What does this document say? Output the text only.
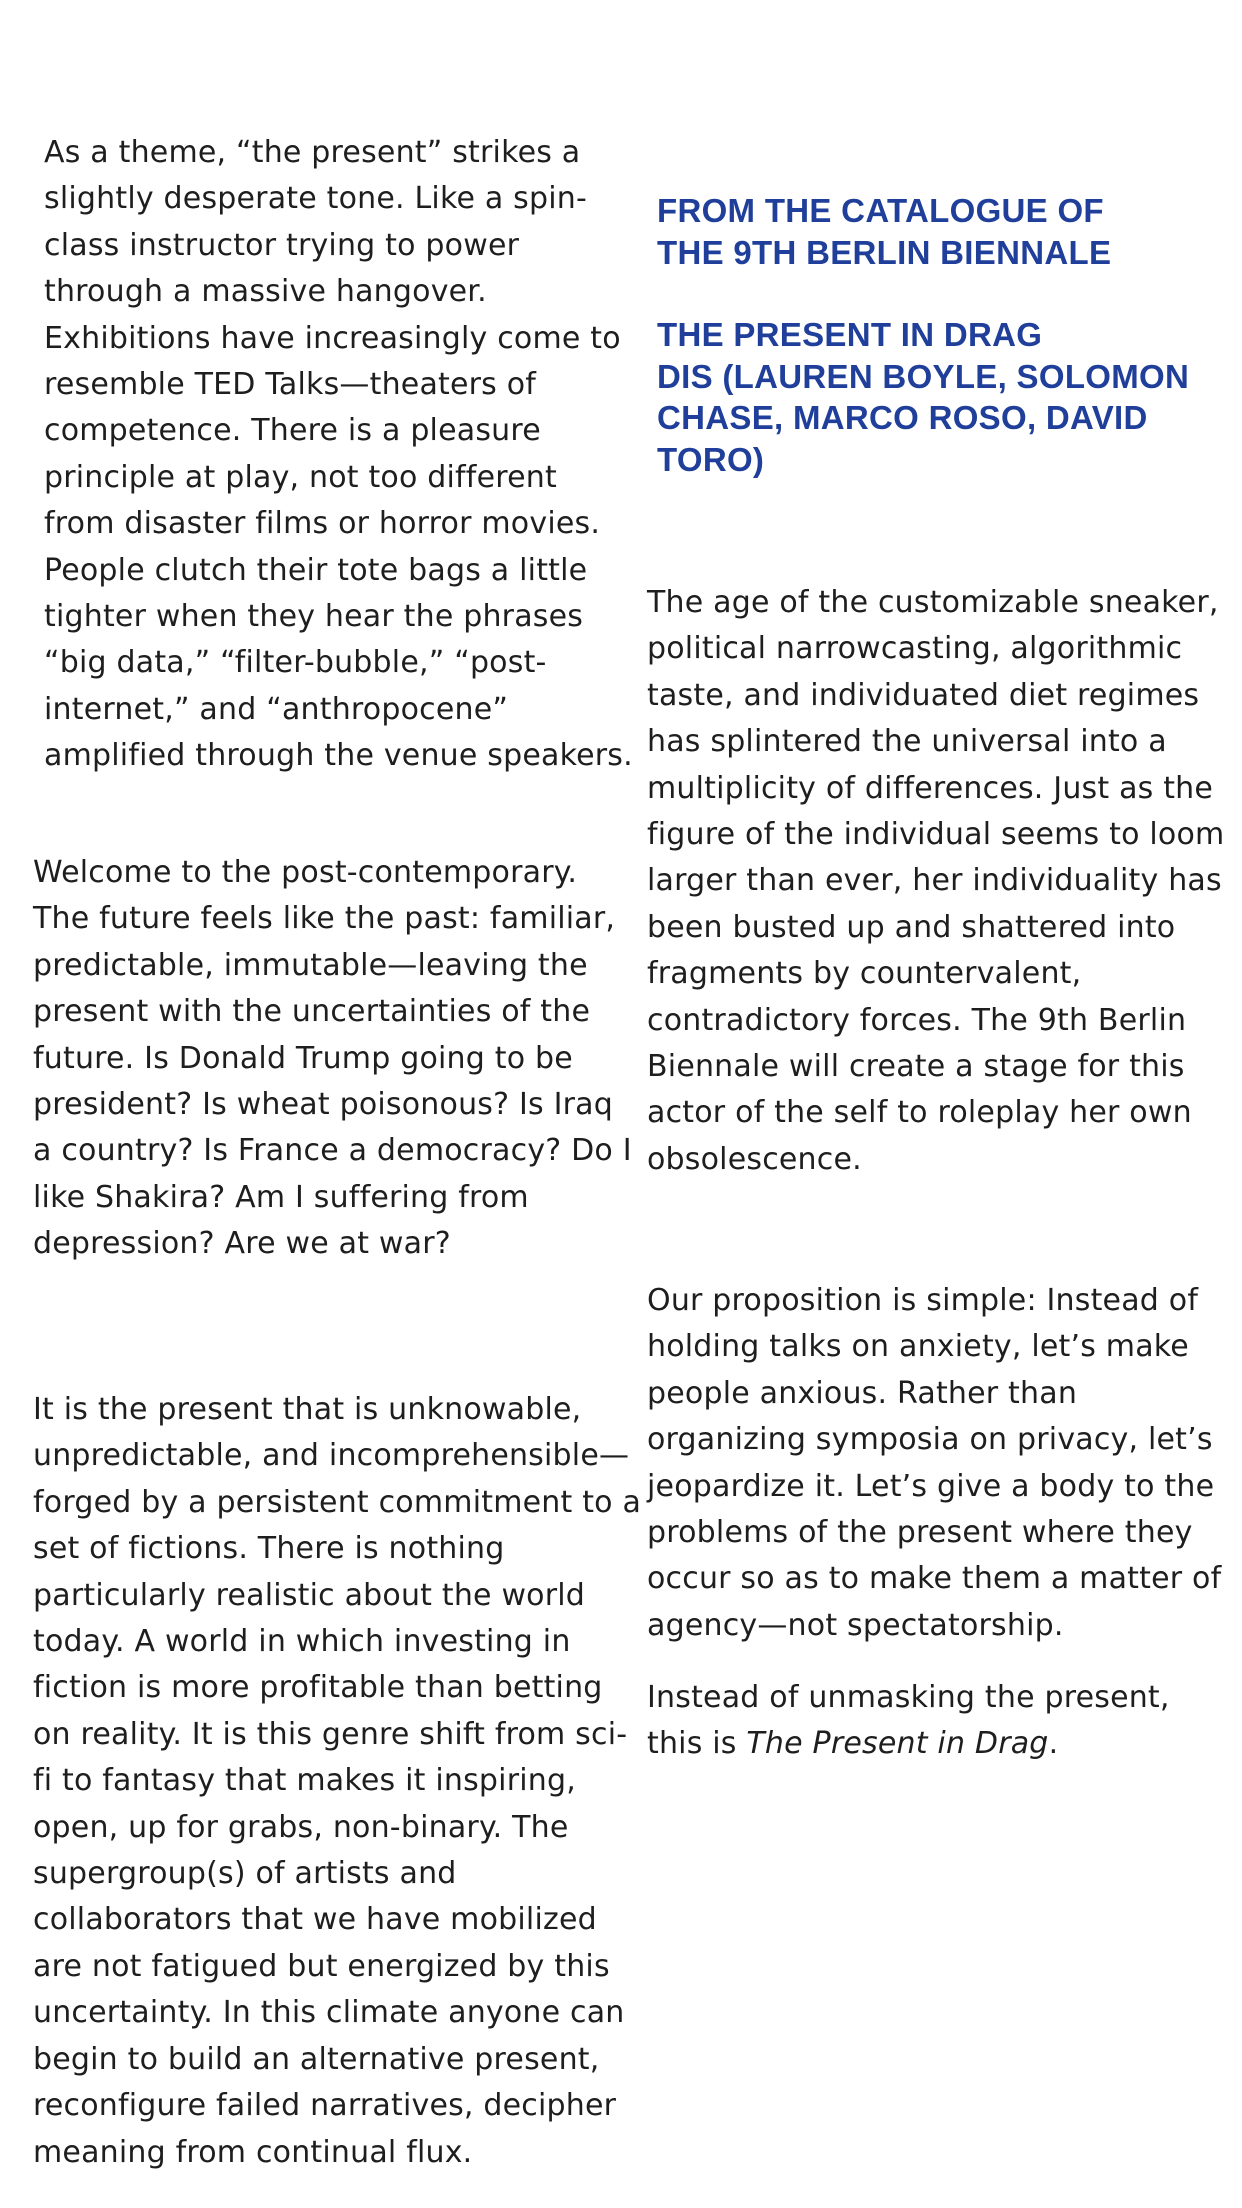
As a theme, “the present” strikes a slightly desperate tone. Like a spin-class instructor trying to power through a massive hangover. Exhibitions have increasingly come to resemble TED Talks—theaters of competence. There is a pleasure principle at play, not too different from disaster films or horror movies. People clutch their tote bags a little tighter when they hear the phrases “big data,” “filter-bubble,” “post-internet,” and “anthropocene” amplified through the venue speakers.

Welcome to the post-contemporary. The future feels like the past: familiar, predictable, immutable—leaving the present with the uncertainties of the future. Is Donald Trump going to be president? Is wheat poisonous? Is Iraq a country? Is France a democracy? Do I like Shakira? Am I suffering from depression? Are we at war?

It is the present that is unknowable, unpredictable, and incomprehensible—forged by a persistent commitment to a set of fictions. There is nothing particularly realistic about the world today. A world in which investing in fiction is more profitable than betting on reality. It is this genre shift from sci-fi to fantasy that makes it inspiring, open, up for grabs, non-binary. The supergroup(s) of artists and collaborators that we have mobilized are not fatigued but energized by this uncertainty. In this climate anyone can begin to build an alternative present, reconfigure failed narratives, decipher meaning from continual flux.

FROM THE CATALOGUE OF
THE 9TH BERLIN BIENNALE
THE PRESENT IN DRAG
DIS (LAUREN BOYLE, SOLOMON CHASE, MARCO ROSO, DAVID TORO)

The age of the customizable sneaker, political narrowcasting, algorithmic taste, and individuated diet regimes has splintered the universal into a multiplicity of differences. Just as the figure of the individual seems to loom larger than ever, her individuality has been busted up and shattered into fragments by countervalent, contradictory forces. The 9th Berlin Biennale will create a stage for this actor of the self to roleplay her own obsolescence.

Our proposition is simple: Instead of holding talks on anxiety, let’s make people anxious. Rather than organizing symposia on privacy, let’s jeopardize it. Let’s give a body to the problems of the present where they occur so as to make them a matter of agency—not spectatorship.

Instead of unmasking the present, this is The Present in Drag.
